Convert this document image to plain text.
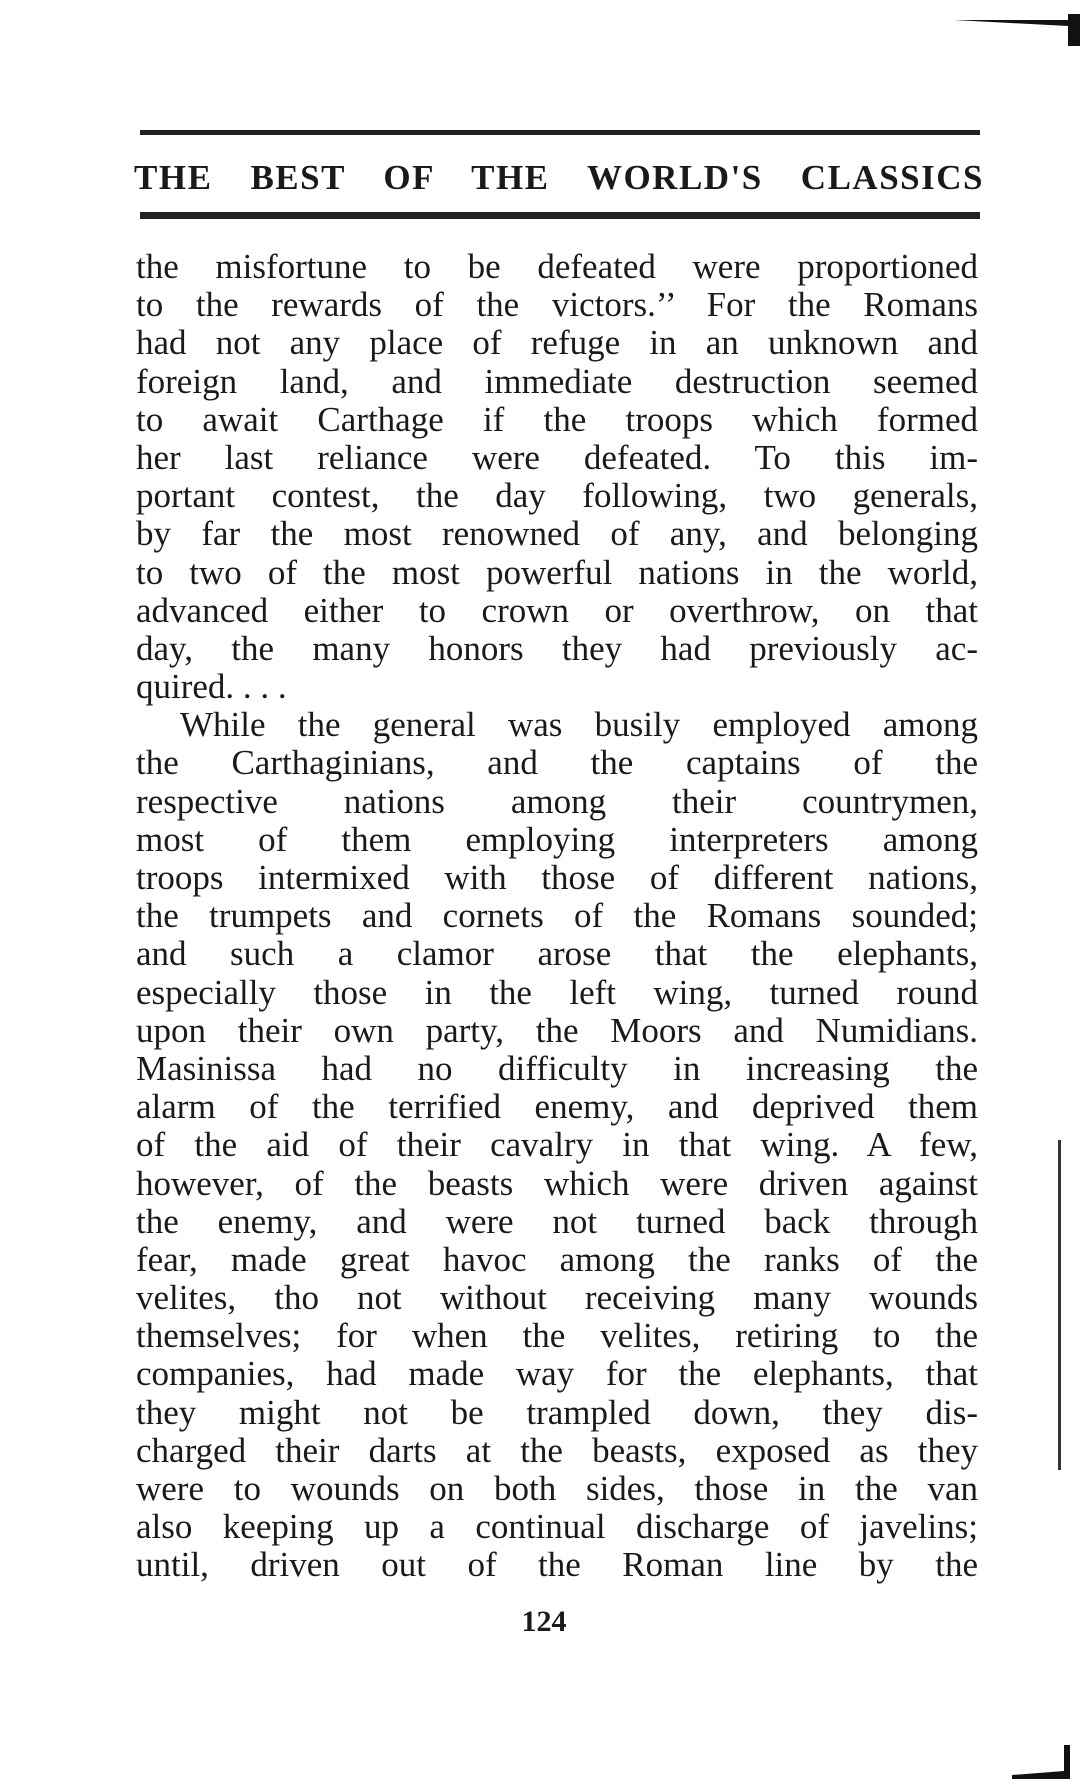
THE BEST OF THE WORLD'S CLASSICS
the misfortune to be defeated were proportioned
to the rewards of the victors.’’ For the Romans
had not any place of refuge in an unknown and
foreign land, and immediate destruction seemed
to await Carthage if the troops which formed
her last reliance were defeated. To this im-
portant contest, the day following, two generals,
by far the most renowned of any, and belonging
to two of the most powerful nations in the world,
advanced either to crown or overthrow, on that
day, the many honors they had previously ac-
quired. . . .
While the general was busily employed among
the Carthaginians, and the captains of the
respective nations among their countrymen,
most of them employing interpreters among
troops intermixed with those of different nations,
the trumpets and cornets of the Romans sounded;
and such a clamor arose that the elephants,
especially those in the left wing, turned round
upon their own party, the Moors and Numidians.
Masinissa had no difficulty in increasing the
alarm of the terrified enemy, and deprived them
of the aid of their cavalry in that wing. A few,
however, of the beasts which were driven against
the enemy, and were not turned back through
fear, made great havoc among the ranks of the
velites, tho not without receiving many wounds
themselves; for when the velites, retiring to the
companies, had made way for the elephants, that
they might not be trampled down, they dis-
charged their darts at the beasts, exposed as they
were to wounds on both sides, those in the van
also keeping up a continual discharge of javelins;
until, driven out of the Roman line by the
124
